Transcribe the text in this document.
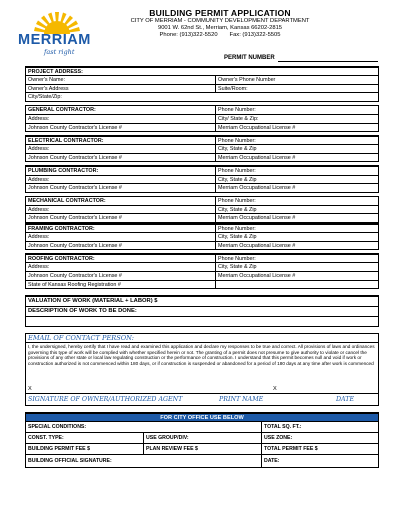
MERRIAM
fast right
BUILDING PERMIT APPLICATION
CITY OF MERRIAM - COMMUNITY DEVELOPMENT DEPARTMENT
9001 W. 62nd St., Merriam, Kansas 66202-2815
Phone: (913)322-5520 Fax: (913)322-5505
PERMIT NUMBER
PROJECT ADDRESS:
Owner's Name:	Owner's Phone Number
Owner's Address	Suite/Room:
City/State/Zip:
GENERAL CONTRACTOR:	Phone Number:
Address:	City/ State & Zip:
Johnson County Contractor's License #	Merriam Occupational License #
ELECTRICAL CONTRACTOR:	Phone Number:
Address:	City, State & Zip
Johnson County Contractor's License #	Merriam Occupational License #
PLUMBING CONTRACTOR:	Phone Number:
Address:	City, State & Zip
Johnson County Contractor's License #	Merriam Occupational License #
MECHANICAL CONTRACTOR:	Phone Number:
Address:	City, State & Zip
Johnson County Contractor's License #	Merriam Occupational License #
FRAMING CONTRACTOR:	Phone Number:
Address:	City, State & Zip
Johnson County Contractor's License #	Merriam Occupational License #
ROOFING CONTRACTOR:	Phone Number:
Address:	City, State & Zip
Johnson County Contractor's License #	Merriam Occupational License #
State of Kansas Roofing Registration #
VALUATION OF WORK (MATERIAL + LABOR) $
DESCRIPTION OF WORK TO BE DONE:
EMAIL OF CONTACT PERSON:
I, the undersigned, hereby certify that I have read and examined this application and declare my responses to be true and correct. All provisions of laws and ordinances governing this type of work will be complied with whether specified herein or not. The granting of a permit does not presume to give authority to violate or cancel the provisions of any other state or local law regulating construction or the performance of construction. I understand that this permit becomes null and void if work or construction authorized is not commenced within 180 days, or if construction is suspended or abandoned for a period of 180 days at any time after work is commenced
X	X
SIGNATURE OF OWNER/AUTHORIZED AGENT	PRINT NAME	DATE
FOR CITY OFFICE USE BELOW
SPECIAL CONDITIONS:	TOTAL SQ. FT.:
CONST. TYPE:	USE GROUP/DIV:	USE ZONE:
BUILDING PERMIT FEE $	PLAN REVIEW FEE $	TOTAL PERMIT FEE $
BUILDING OFFICIAL SIGNATURE:	DATE:
